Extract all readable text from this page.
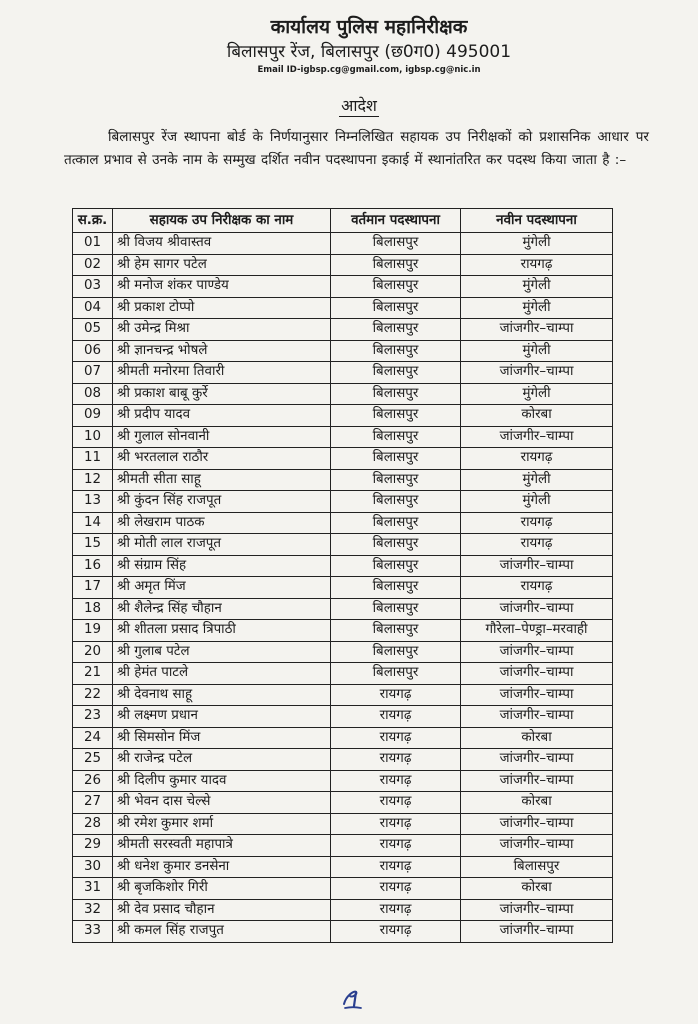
कार्यालय पुलिस महानिरीक्षक
बिलासपुर रेंज, बिलासपुर (छ0ग0) 495001
Email ID-igbsp.cg@gmail.com, igbsp.cg@nic.in
आदेश
बिलासपुर रेंज स्थापना बोर्ड के निर्णयानुसार निम्नलिखित सहायक उप निरीक्षकों को प्रशासनिक आधार पर तत्काल प्रभाव से उनके नाम के सम्मुख दर्शित नवीन पदस्थापना इकाई में स्थानांतरित कर पदस्थ किया जाता है :–
स.क्र.	सहायक उप निरीक्षक का नाम	वर्तमान पदस्थापना	नवीन पदस्थापना
01	श्री विजय श्रीवास्तव	बिलासपुर	मुंगेली
02	श्री हेम सागर पटेल	बिलासपुर	रायगढ़
03	श्री मनोज शंकर पाण्डेय	बिलासपुर	मुंगेली
04	श्री प्रकाश टोप्पो	बिलासपुर	मुंगेली
05	श्री उमेन्द्र मिश्रा	बिलासपुर	जांजगीर–चाम्पा
06	श्री ज्ञानचन्द्र भोषले	बिलासपुर	मुंगेली
07	श्रीमती मनोरमा तिवारी	बिलासपुर	जांजगीर–चाम्पा
08	श्री प्रकाश बाबू कुर्रे	बिलासपुर	मुंगेली
09	श्री प्रदीप यादव	बिलासपुर	कोरबा
10	श्री गुलाल सोनवानी	बिलासपुर	जांजगीर–चाम्पा
11	श्री भरतलाल राठौर	बिलासपुर	रायगढ़
12	श्रीमती सीता साहू	बिलासपुर	मुंगेली
13	श्री कुंदन सिंह राजपूत	बिलासपुर	मुंगेली
14	श्री लेखराम पाठक	बिलासपुर	रायगढ़
15	श्री मोती लाल राजपूत	बिलासपुर	रायगढ़
16	श्री संग्राम सिंह	बिलासपुर	जांजगीर–चाम्पा
17	श्री अमृत मिंज	बिलासपुर	रायगढ़
18	श्री शैलेन्द्र सिंह चौहान	बिलासपुर	जांजगीर–चाम्पा
19	श्री शीतला प्रसाद त्रिपाठी	बिलासपुर	गौरेला–पेण्ड्रा–मरवाही
20	श्री गुलाब पटेल	बिलासपुर	जांजगीर–चाम्पा
21	श्री हेमंत पाटले	बिलासपुर	जांजगीर–चाम्पा
22	श्री देवनाथ साहू	रायगढ़	जांजगीर–चाम्पा
23	श्री लक्ष्मण प्रधान	रायगढ़	जांजगीर–चाम्पा
24	श्री सिमसोन मिंज	रायगढ़	कोरबा
25	श्री राजेन्द्र पटेल	रायगढ़	जांजगीर–चाम्पा
26	श्री दिलीप कुमार यादव	रायगढ़	जांजगीर–चाम्पा
27	श्री भेवन दास चेल्से	रायगढ़	कोरबा
28	श्री रमेश कुमार शर्मा	रायगढ़	जांजगीर–चाम्पा
29	श्रीमती सरस्वती महापात्रे	रायगढ़	जांजगीर–चाम्पा
30	श्री धनेश कुमार डनसेना	रायगढ़	बिलासपुर
31	श्री बृजकिशोर गिरी	रायगढ़	कोरबा
32	श्री देव प्रसाद चौहान	रायगढ़	जांजगीर–चाम्पा
33	श्री कमल सिंह राजपुत	रायगढ़	जांजगीर–चाम्पा
